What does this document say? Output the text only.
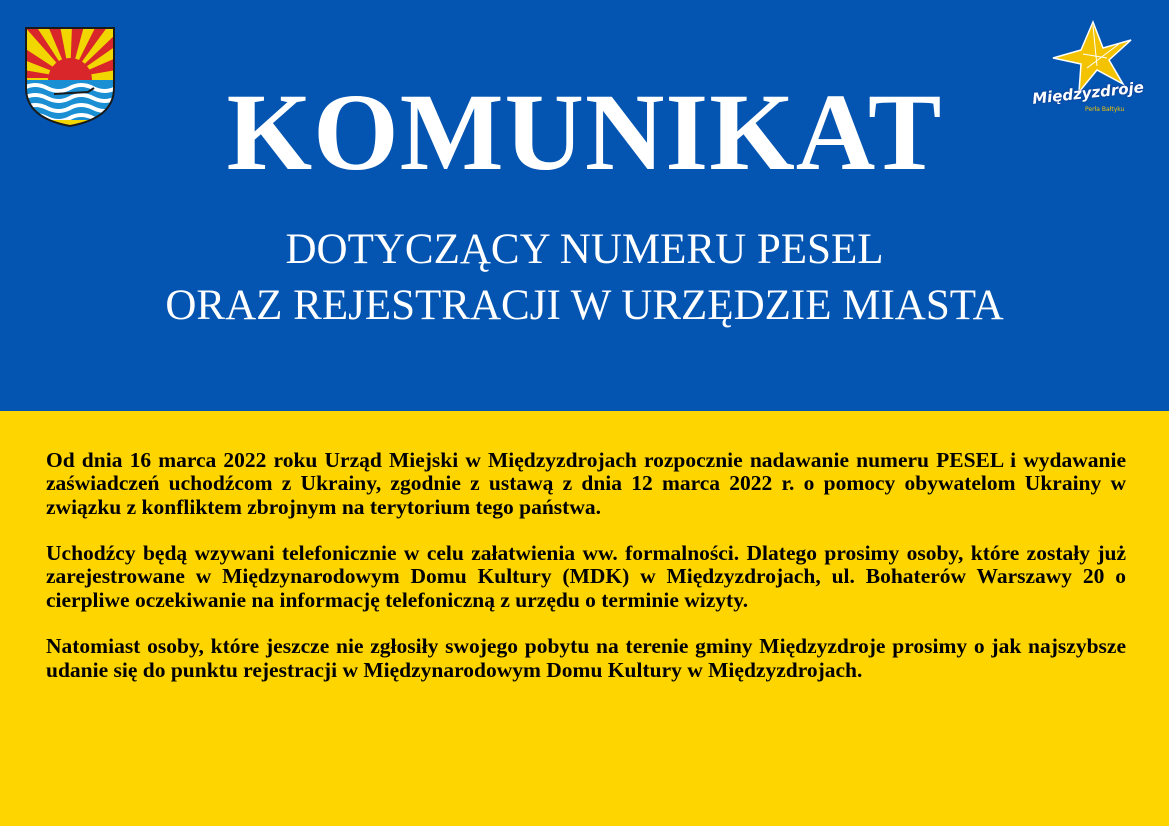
KOMUNIKAT
DOTYCZĄCY NUMERU PESEL
ORAZ REJESTRACJI W URZĘDZIE MIASTA
Międzyzdroje
Perła Bałtyku

Od dnia 16 marca 2022 roku Urząd Miejski w Międzyzdrojach rozpocznie nadawanie numeru PESEL i wydawanie zaświadczeń uchodźcom z Ukrainy, zgodnie z ustawą z dnia 12 marca 2022 r. o pomocy obywatelom Ukrainy w związku z konfliktem zbrojnym na terytorium tego państwa.

Uchodźcy będą wzywani telefonicznie w celu załatwienia ww. formalności. Dlatego prosimy osoby, które zostały już zarejestrowane w Międzynarodowym Domu Kultury (MDK) w Międzyzdrojach, ul. Bohaterów Warszawy 20 o cierpliwe oczekiwanie na informację telefoniczną z urzędu o terminie wizyty.

Natomiast osoby, które jeszcze nie zgłosiły swojego pobytu na terenie gminy Międzyzdroje prosimy o jak najszybsze udanie się do punktu rejestracji w Międzynarodowym Domu Kultury w Międzyzdrojach.
